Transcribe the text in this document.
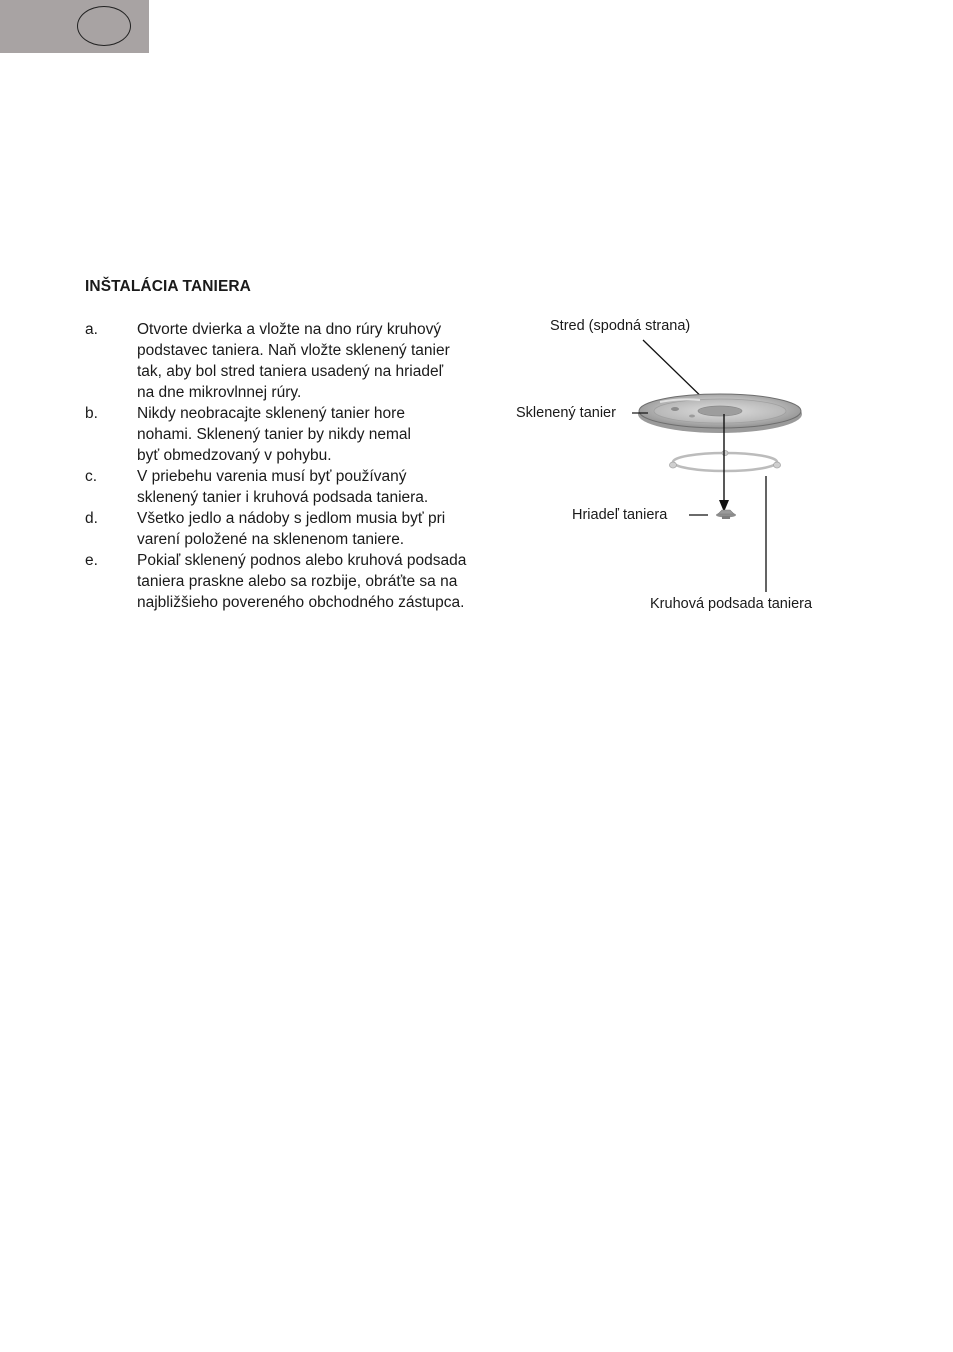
INŠTALÁCIA TANIERA
a.	Otvorte dvierka a vložte na dno rúry kruhový
podstavec taniera. Naň vložte sklenený tanier
tak, aby bol stred taniera usadený na hriadeľ
na dne mikrovlnnej rúry.
b.	Nikdy neobracajte sklenený tanier hore
nohami. Sklenený tanier by nikdy nemal
byť obmedzovaný v pohybu.
c.	V priebehu varenia musí byť používaný
sklenený tanier i kruhová podsada taniera.
d.	Všetko jedlo a nádoby s jedlom musia byť pri
varení položené na sklenenom taniere.
e.	Pokiaľ sklenený podnos alebo kruhová podsada
taniera praskne alebo sa rozbije, obráťte sa na
najbližšieho povereného obchodného zástupca.
Stred (spodná strana)
Sklenený tanier
Hriadeľ taniera
Kruhová podsada taniera
